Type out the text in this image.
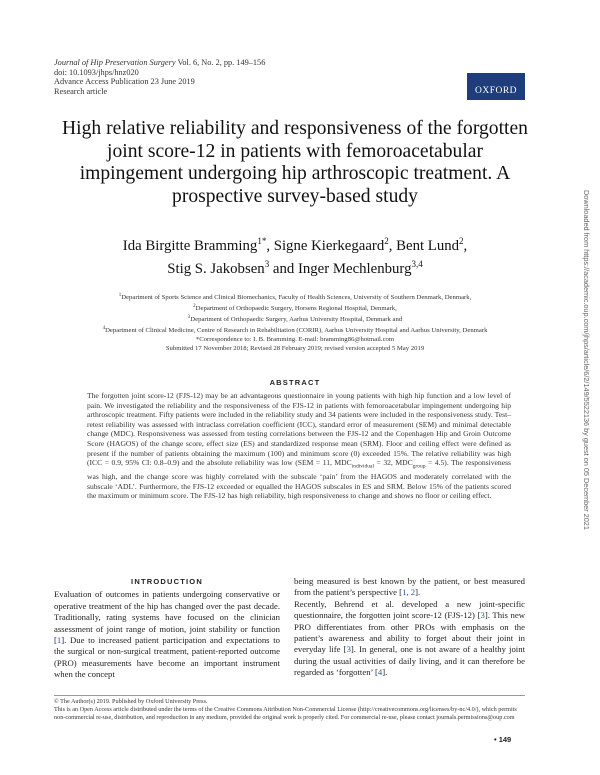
Journal of Hip Preservation Surgery Vol. 6, No. 2, pp. 149–156
doi: 10.1093/jhps/hnz020
Advance Access Publication 23 June 2019
Research article	OXFORD
High relative reliability and responsiveness of the forgotten joint score-12 in patients with femoroacetabular impingement undergoing hip arthroscopic treatment. A prospective survey-based study
Ida Birgitte Bramming$^{1*}$, Signe Kierkegaard$^2$, Bent Lund$^2$,
Stig S. Jakobsen$^3$ and Inger Mechlenburg$^{3,4}$
$^1$Department of Sports Science and Clinical Biomechanics, Faculty of Health Sciences, University of Southern Denmark, Denmark,
$^2$Department of Orthopaedic Surgery, Horsens Regional Hospital, Denmark,
$^3$Department of Orthopaedic Surgery, Aarhus University Hospital, Denmark and
$^4$Department of Clinical Medicine, Centre of Research in Rehabilitation (CORIR), Aarhus University Hospital and Aarhus University, Denmark
*Correspondence to: I. B. Bramming. E-mail: bramming86@hotmail.com
Submitted 17 November 2018; Revised 28 February 2019; revised version accepted 5 May 2019
ABSTRACT
The forgotten joint score-12 (FJS-12) may be an advantageous questionnaire in young patients with high hip function and a low level of pain. We investigated the reliability and the responsiveness of the FJS-12 in patients with femoroacetabular impingement undergoing hip arthroscopic treatment. Fifty patients were included in the reliability study and 34 patients were included in the responsiveness study. Test–retest reliability was assessed with intraclass correlation coefficient (ICC), standard error of measurement (SEM) and minimal detectable change (MDC). Responsiveness was assessed from testing correlations between the FJS-12 and the Copenhagen Hip and Groin Outcome Score (HAGOS) of the change score, effect size (ES) and standardized response mean (SRM). Floor and ceiling effect were defined as present if the number of patients obtaining the maximum (100) and minimum score (0) exceeded 15%. The relative reliability was high (ICC = 0.9, 95% CI: 0.8–0.9) and the absolute reliability was low (SEM = 11, $MDC_{individual} = 32$, $MDC_{group} = 4.5$). The responsiveness was high, and the change score was highly correlated with the subscale ‘pain’ from the HAGOS and moderately correlated with the subscale ‘ADL’. Furthermore, the FJS-12 exceeded or equalled the HAGOS subscales in ES and SRM. Below 15% of the patients scored the maximum or minimum score. The FJS-12 has high reliability, high responsiveness to change and shows no floor or ceiling effect.
INTRODUCTION

Evaluation of outcomes in patients undergoing conservative or operative treatment of the hip has changed over the past decade. Traditionally, rating systems have focused on the clinician assessment of joint range of motion, joint stability or function [1]. Due to increased patient participation and expectations to the surgical or non-surgical treatment, patient-reported outcome (PRO) measurements have become an important instrument when the concept

being measured is best known by the patient, or best measured from the patient’s perspective [1, 2].

Recently, Behrend et al. developed a new joint-specific questionnaire, the forgotten joint score-12 (FJS-12) [3]. This new PRO differentiates from other PROs with emphasis on the patient’s awareness and ability to forget about their joint in everyday life [3]. In general, one is not aware of a healthy joint during the usual activities of daily living, and it can therefore be regarded as ‘forgotten’ [4].

© The Author(s) 2019. Published by Oxford University Press.
This is an Open Access article distributed under the terms of the Creative Commons Attribution Non-Commercial License (http://creativecommons.org/licenses/by-nc/4.0/), which permits non-commercial re-use, distribution, and reproduction in any medium, provided the original work is properly cited. For commercial re-use, please contact journals.permissions@oup.com
• 149
Downloaded from https://academic.oup.com/jhps/article/6/2/149/5522136 by guest on 05 December 2021
